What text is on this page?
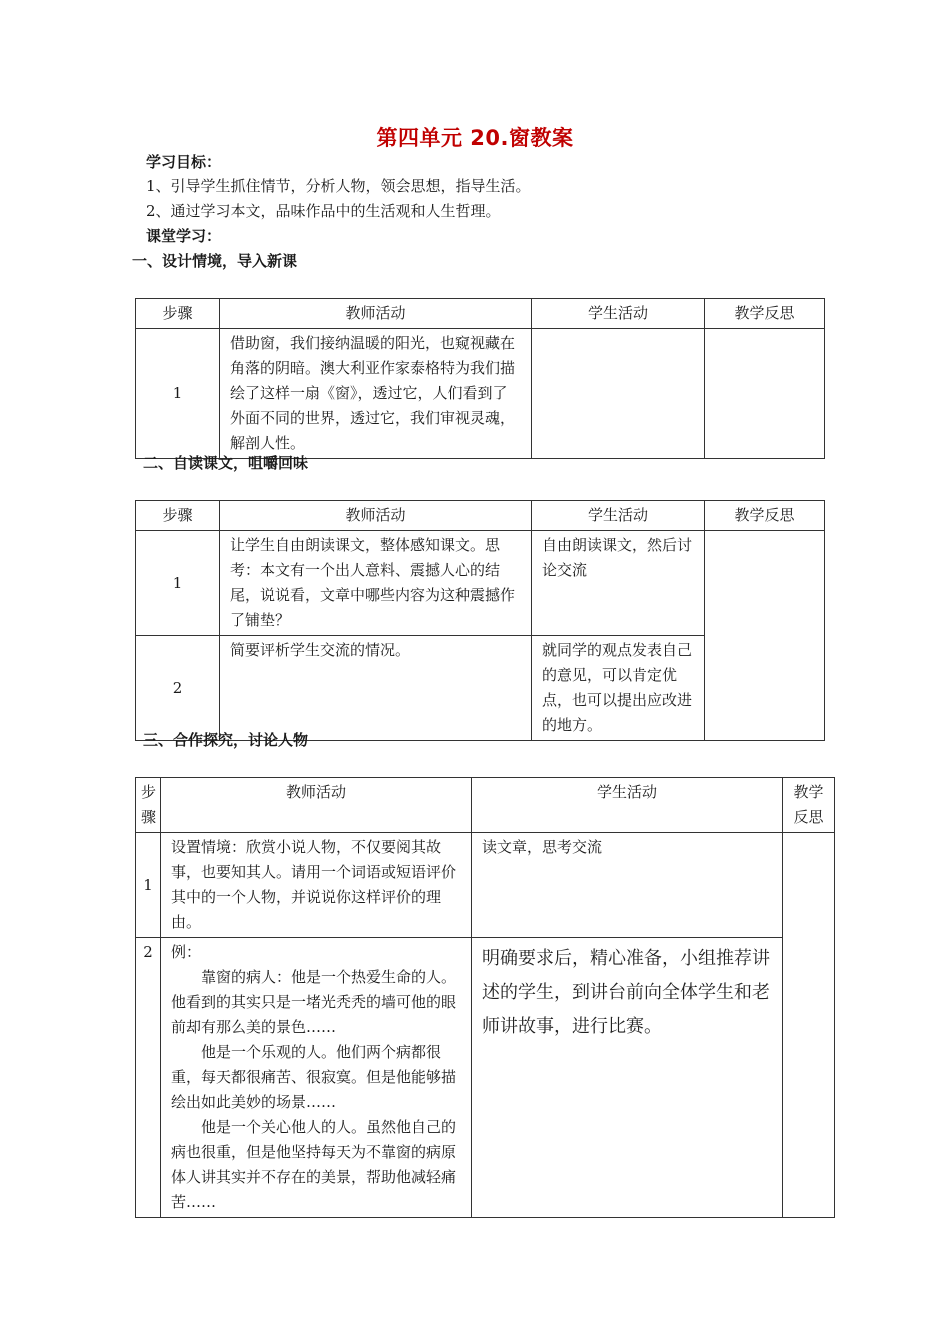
第四单元 20.窗教案
学习目标：
1、引导学生抓住情节，分析人物，领会思想，指导生活。
2、通过学习本文，品味作品中的生活观和人生哲理。
课堂学习：
一、设计情境，导入新课
步骤	教师活动	学生活动	教学反思
1	借助窗，我们接纳温暖的阳光，也窥视藏在角落的阴暗。澳大利亚作家泰格特为我们描绘了这样一扇《窗》，透过它，人们看到了外面不同的世界，透过它，我们审视灵魂，解剖人性。		
二、自读课文，咀嚼回味
步骤	教师活动	学生活动	教学反思
1	让学生自由朗读课文，整体感知课文。思考：本文有一个出人意料、震撼人心的结尾，说说看，文章中哪些内容为这种震撼作了铺垫？	自由朗读课文，然后讨论交流	
2	简要评析学生交流的情况。	就同学的观点发表自己的意见，可以肯定优点，也可以提出应改进的地方。	
三、合作探究，讨论人物
步骤	教师活动	学生活动	教学反思

1	设置情境：欣赏小说人物，不仅要阅其故事，也要知其人。请用一个词语或短语评价其中的一个人物，并说说你这样评价的理由。	读文章，思考交流	
2	例：

靠窗的病人：他是一个热爱生命的人。他看到的其实只是一堵光秃秃的墙可他的眼前却有那么美的景色……

他是一个乐观的人。他们两个病都很重，每天都很痛苦、很寂寞。但是他能够描绘出如此美妙的场景……

他是一个关心他人的人。虽然他自己的病也很重，但是他坚持每天为不靠窗的病原体人讲其实并不存在的美景，帮助他减轻痛苦……	明确要求后，精心准备，小组推荐讲述的学生，到讲台前向全体学生和老师讲故事，进行比赛。	
